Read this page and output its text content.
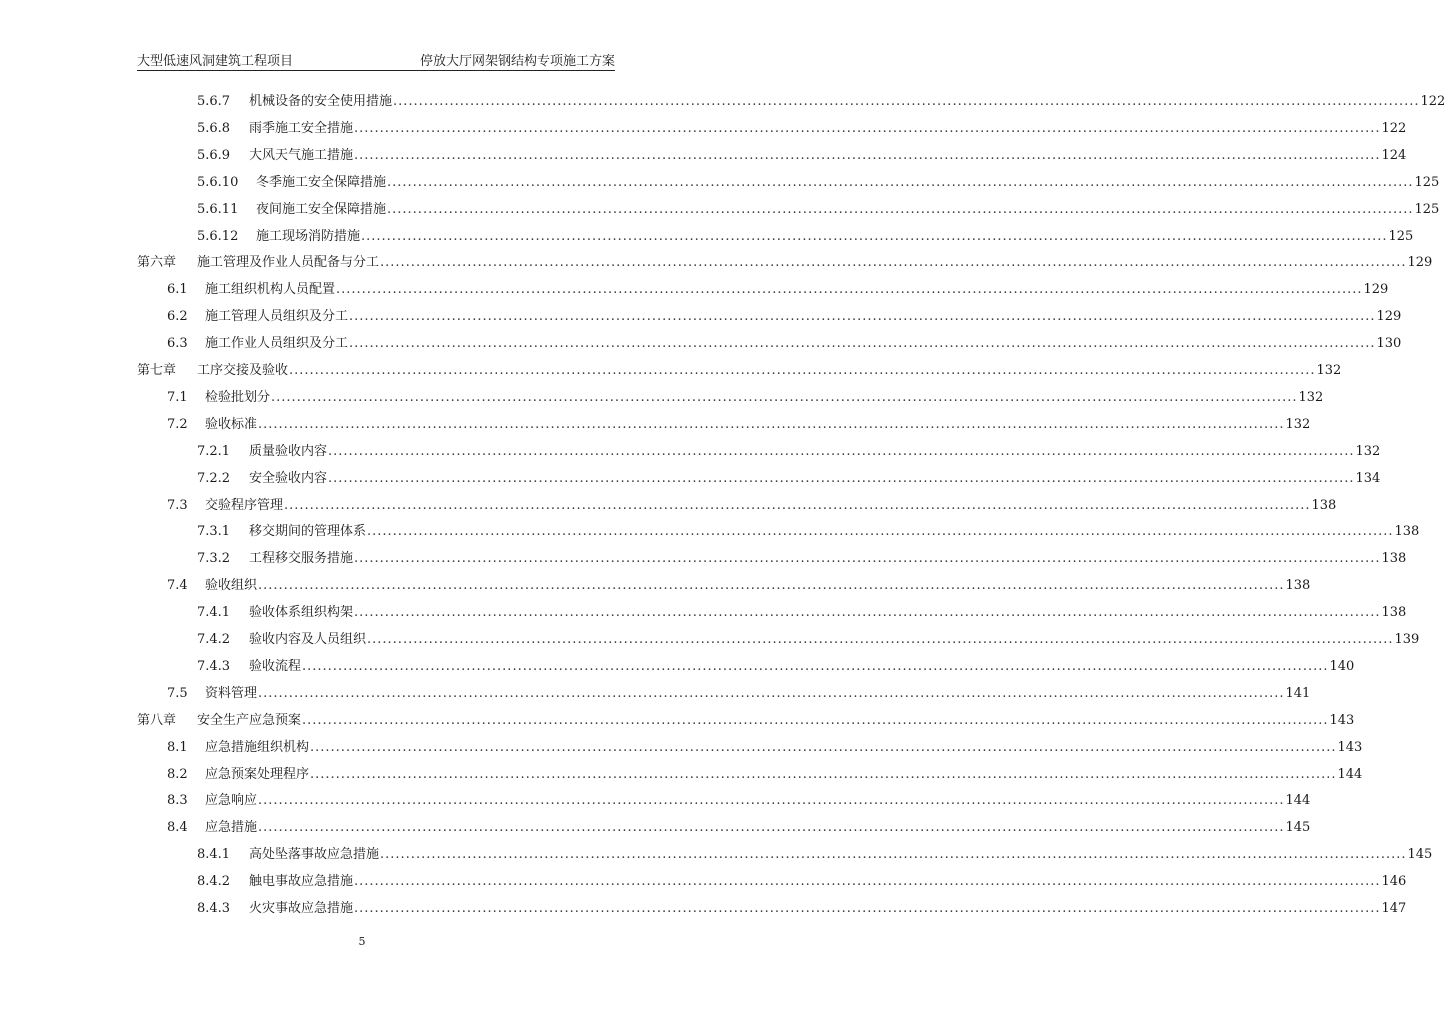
大型低速风洞建筑工程项目	停放大厅网架钢结构专项施工方案
5.6.7	机械设备的安全使用措施 ........................................................................................................................................................................................................ 122
5.6.8	雨季施工安全措施 ........................................................................................................................................................................................................ 122
5.6.9	大风天气施工措施 ........................................................................................................................................................................................................ 124
5.6.10	冬季施工安全保障措施 ........................................................................................................................................................................................................ 125
5.6.11	夜间施工安全保障措施 ........................................................................................................................................................................................................ 125
5.6.12	施工现场消防措施 ........................................................................................................................................................................................................ 125
第六章	施工管理及作业人员配备与分工 ........................................................................................................................................................................................................ 129
6.1	施工组织机构人员配置 ........................................................................................................................................................................................................ 129
6.2	施工管理人员组织及分工 ........................................................................................................................................................................................................ 129
6.3	施工作业人员组织及分工 ........................................................................................................................................................................................................ 130
第七章	工序交接及验收 ........................................................................................................................................................................................................ 132
7.1	检验批划分 ........................................................................................................................................................................................................ 132
7.2	验收标准 ........................................................................................................................................................................................................ 132
7.2.1	质量验收内容 ........................................................................................................................................................................................................ 132
7.2.2	安全验收内容 ........................................................................................................................................................................................................ 134
7.3	交验程序管理 ........................................................................................................................................................................................................ 138
7.3.1	移交期间的管理体系 ........................................................................................................................................................................................................ 138
7.3.2	工程移交服务措施 ........................................................................................................................................................................................................ 138
7.4	验收组织 ........................................................................................................................................................................................................ 138
7.4.1	验收体系组织构架 ........................................................................................................................................................................................................ 138
7.4.2	验收内容及人员组织 ........................................................................................................................................................................................................ 139
7.4.3	验收流程 ........................................................................................................................................................................................................ 140
7.5	资料管理 ........................................................................................................................................................................................................ 141
第八章	安全生产应急预案 ........................................................................................................................................................................................................ 143
8.1	应急措施组织机构 ........................................................................................................................................................................................................ 143
8.2	应急预案处理程序 ........................................................................................................................................................................................................ 144
8.3	应急响应 ........................................................................................................................................................................................................ 144
8.4	应急措施 ........................................................................................................................................................................................................ 145
8.4.1	高处坠落事故应急措施 ........................................................................................................................................................................................................ 145
8.4.2	触电事故应急措施 ........................................................................................................................................................................................................ 146
8.4.3	火灾事故应急措施 ........................................................................................................................................................................................................ 147
5
